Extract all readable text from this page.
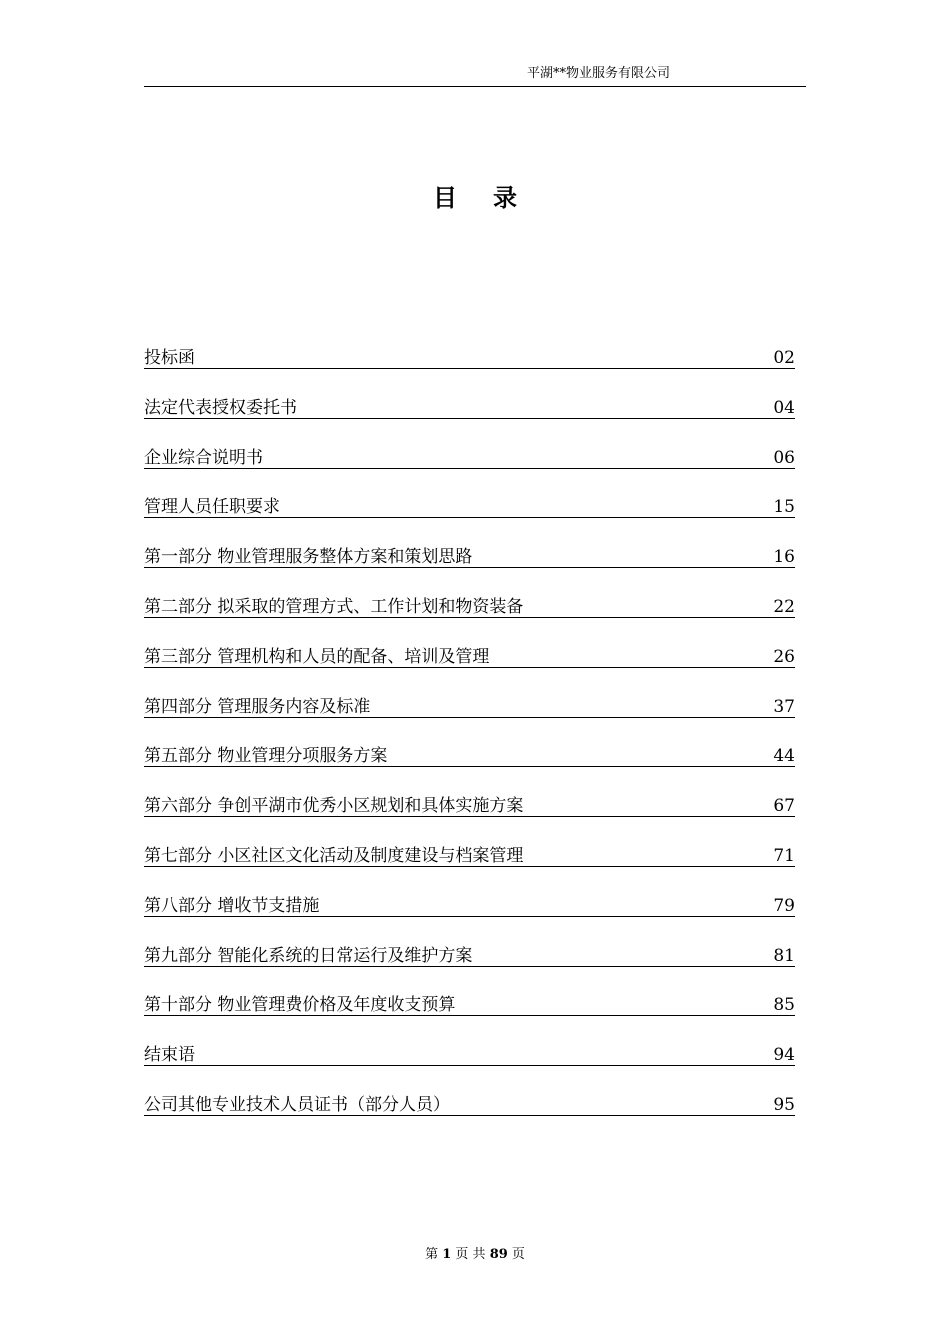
平湖**物业服务有限公司
目录
投标函	02
法定代表授权委托书	04
企业综合说明书	06
管理人员任职要求	15
第一部分 物业管理服务整体方案和策划思路	16
第二部分 拟采取的管理方式、工作计划和物资装备	22
第三部分 管理机构和人员的配备、培训及管理	26
第四部分 管理服务内容及标准	37
第五部分 物业管理分项服务方案	44
第六部分 争创平湖市优秀小区规划和具体实施方案	67
第七部分 小区社区文化活动及制度建设与档案管理	71
第八部分 增收节支措施	79
第九部分 智能化系统的日常运行及维护方案	81
第十部分 物业管理费价格及年度收支预算	85
结束语	94
公司其他专业技术人员证书（部分人员）	95
第 1 页 共 89 页
